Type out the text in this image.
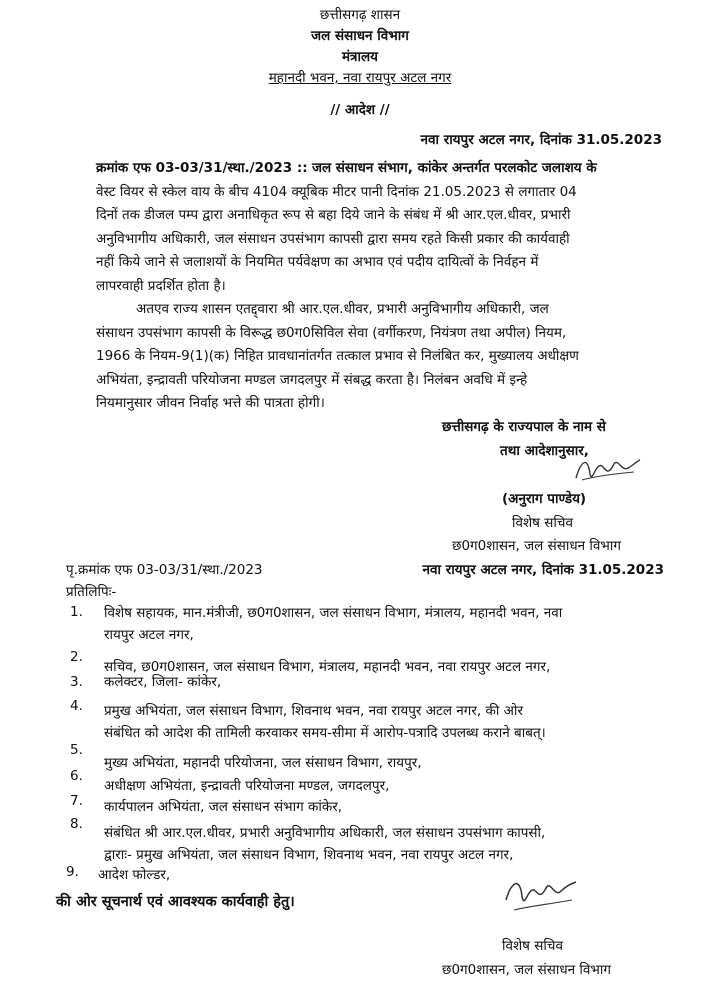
छत्तीसगढ़ शासन
जल संसाधन विभाग
मंत्रालय
महानदी भवन, नवा रायपुर अटल नगर
// आदेश //
नवा रायपुर अटल नगर, दिनांक 31.05.2023
क्रमांक एफ 03-03/31/स्था./2023 :: जल संसाधन संभाग, कांकेर अन्तर्गत परलकोट जलाशय के
वेस्ट वियर से स्केल वाय के बीच 4104 क्यूबिक मीटर पानी दिनांक 21.05.2023 से लगातार 04
दिनों तक डीजल पम्प द्वारा अनाधिकृत रूप से बहा दिये जाने के संबंध में श्री आर.एल.धीवर, प्रभारी
अनुविभागीय अधिकारी, जल संसाधन उपसंभाग कापसी द्वारा समय रहते किसी प्रकार की कार्यवाही
नहीं किये जाने से जलाशयों के नियमित पर्यवेक्षण का अभाव एवं पदीय दायित्वों के निर्वहन में
लापरवाही प्रदर्शित होता है।
अतएव राज्य शासन एतद्द्वारा श्री आर.एल.धीवर, प्रभारी अनुविभागीय अधिकारी, जल
संसाधन उपसंभाग कापसी के विरूद्ध छ0ग0सिविल सेवा (वर्गीकरण, नियंत्रण तथा अपील) नियम,
1966 के नियम-9(1)(क) निहित प्रावधानांतर्गत तत्काल प्रभाव से निलंबित कर, मुख्यालय अधीक्षण
अभियंता, इन्द्रावती परियोजना मण्डल जगदलपुर में संबद्ध करता है। निलंबन अवधि में इन्हे
नियमानुसार जीवन निर्वाह भत्ते की पात्रता होगी।
छत्तीसगढ़ के राज्यपाल के नाम से
तथा आदेशानुसार,
(अनुराग पाण्डेय)
विशेष सचिव
छ0ग0शासन, जल संसाधन विभाग
पृ.क्रमांक एफ 03-03/31/स्था./2023	नवा रायपुर अटल नगर, दिनांक 31.05.2023
प्रतिलिपिः-
1. विशेष सहायक, मान.मंत्रीजी, छ0ग0शासन, जल संसाधन विभाग, मंत्रालय, महानदी भवन, नवा
रायपुर अटल नगर,
2.
सचिव, छ0ग0शासन, जल संसाधन विभाग, मंत्रालय, महानदी भवन, नवा रायपुर अटल नगर,
3. कलेक्टर, जिला- कांकेर,
4. प्रमुख अभियंता, जल संसाधन विभाग, शिवनाथ भवन, नवा रायपुर अटल नगर, की ओर
संबंधित को आदेश की तामिली करवाकर समय-सीमा में आरोप-पत्रादि उपलब्ध कराने बाबत्।
5.
मुख्य अभियंता, महानदी परियोजना, जल संसाधन विभाग, रायपुर,
6.
अधीक्षण अभियंता, इन्द्रावती परियोजना मण्डल, जगदलपुर,
7. कार्यपालन अभियंता, जल संसाधन संभाग कांकेर,
8.
संबंधित श्री आर.एल.धीवर, प्रभारी अनुविभागीय अधिकारी, जल संसाधन उपसंभाग कापसी,
द्वाराः- प्रमुख अभियंता, जल संसाधन विभाग, शिवनाथ भवन, नवा रायपुर अटल नगर,
9. आदेश फोल्डर,
की ओर सूचनार्थ एवं आवश्यक कार्यवाही हेतु।
विशेष सचिव
छ0ग0शासन, जल संसाधन विभाग
